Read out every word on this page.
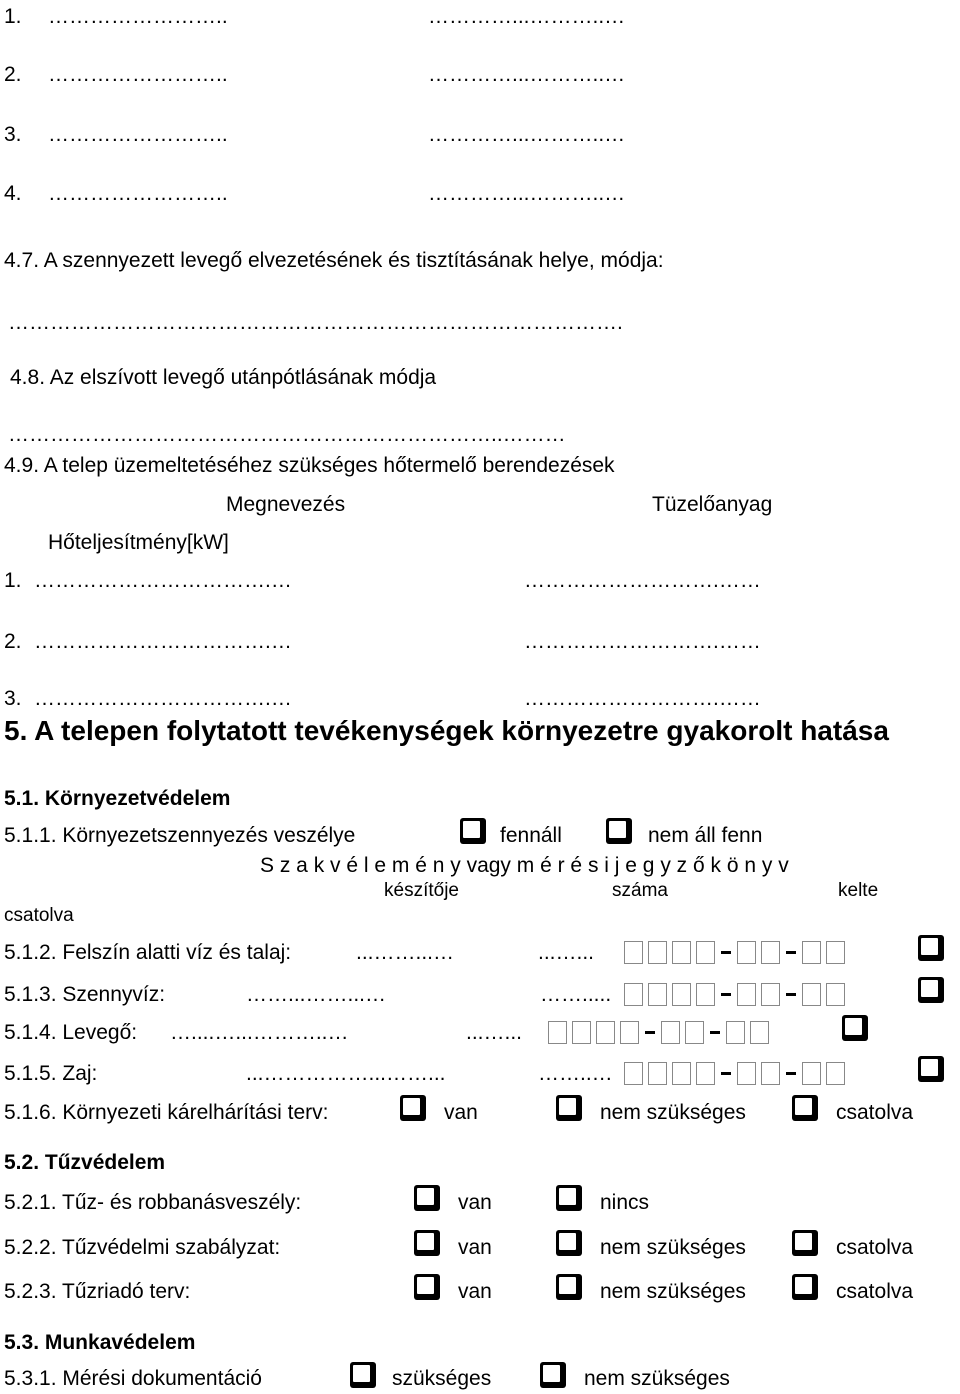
1. ……………………..	…………...………..…
2. ……………………..	…………...………..…
3. ……………………..	…………...………..…
4. ……………………..	…………...………..…
4.7. A szennyezett levegő elvezetésének és tisztításának helye, módja:
…………………………………………………………………………….
4.8. Az elszívott levegő utánpótlásának módja
……………………………………………………………..………
4.9. A telep üzemeltetéséhez szükséges hőtermelő berendezések
Megnevezés	Tüzelőanyag
Hőteljesítmény[kW]
1. …………………………….…	……………………….……
2. …………………………….…	……………………….……
3. …………………………….…	……………………….……
5. A telepen folytatott tevékenységek környezetre gyakorolt hatása
5.1. Környezetvédelem
5.1.1. Környezetszennyezés veszélye	fennáll	nem áll fenn
S z a k v é l e m é n y vagy m é r é s i j e g y z ő k ö n y v
készítője	száma	kelte
csatolva
5.1.2. Felszín alatti víz és talaj:	...……...…	...…...
5.1.3. Szennyvíz:	……...……...…	…….....
5.1.4. Levegő: …....…...………..…	...…...
5.1.5. Zaj:	...……………...……...	……..…
5.1.6. Környezeti kárelhárítási terv:	van	nem szükséges	csatolva
5.2. Tűzvédelem
5.2.1. Tűz- és robbanásveszély:	van	nincs
5.2.2. Tűzvédelmi szabályzat:	van	nem szükséges	csatolva
5.2.3. Tűzriadó terv:	van	nem szükséges	csatolva
5.3. Munkavédelem
5.3.1. Mérési dokumentáció	szükséges	nem szükséges
